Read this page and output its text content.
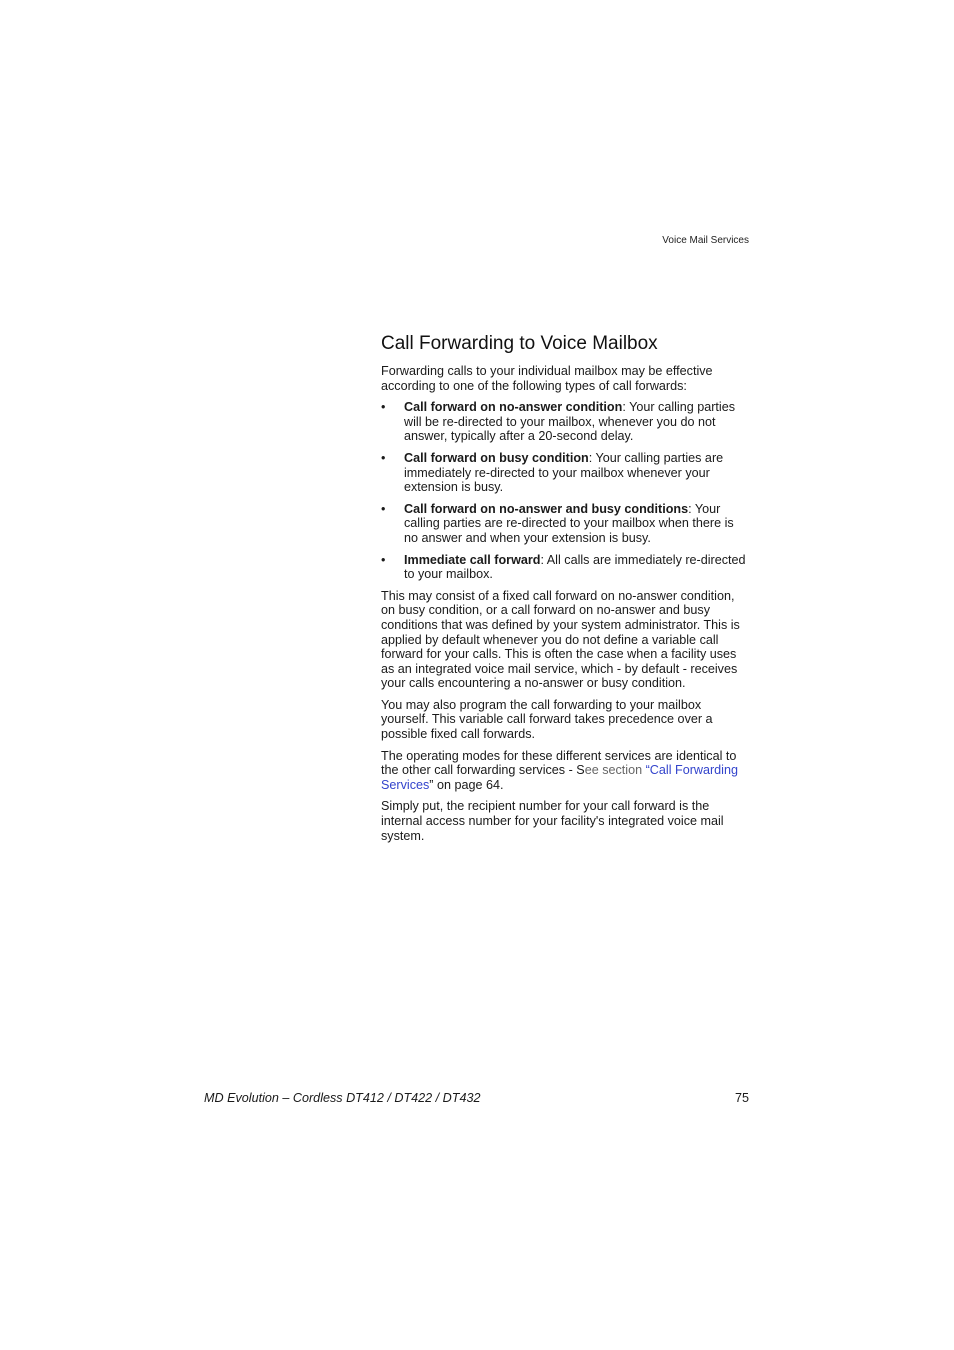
Voice Mail Services
Call Forwarding to Voice Mailbox

Forwarding calls to your individual mailbox may be effective according to one of the following types of call forwards:

• Call forward on no-answer condition: Your calling parties will be re-directed to your mailbox, whenever you do not answer, typically after a 20-second delay.
• Call forward on busy condition: Your calling parties are immediately re-directed to your mailbox whenever your extension is busy.
• Call forward on no-answer and busy conditions: Your calling parties are re-directed to your mailbox when there is no answer and when your extension is busy.
• Immediate call forward: All calls are immediately re-directed to your mailbox.

This may consist of a fixed call forward on no-answer condition, on busy condition, or a call forward on no-answer and busy conditions that was defined by your system administrator. This is applied by default whenever you do not define a variable call forward for your calls. This is often the case when a facility uses as an integrated voice mail service, which - by default - receives your calls encountering a no-answer or busy condition.

You may also program the call forwarding to your mailbox yourself. This variable call forward takes precedence over a possible fixed call forwards.

The operating modes for these different services are identical to the other call forwarding services - See section “Call Forwarding Services” on page 64.

Simply put, the recipient number for your call forward is the internal access number for your facility's integrated voice mail system.

MD Evolution – Cordless DT412 / DT422 / DT432	75
